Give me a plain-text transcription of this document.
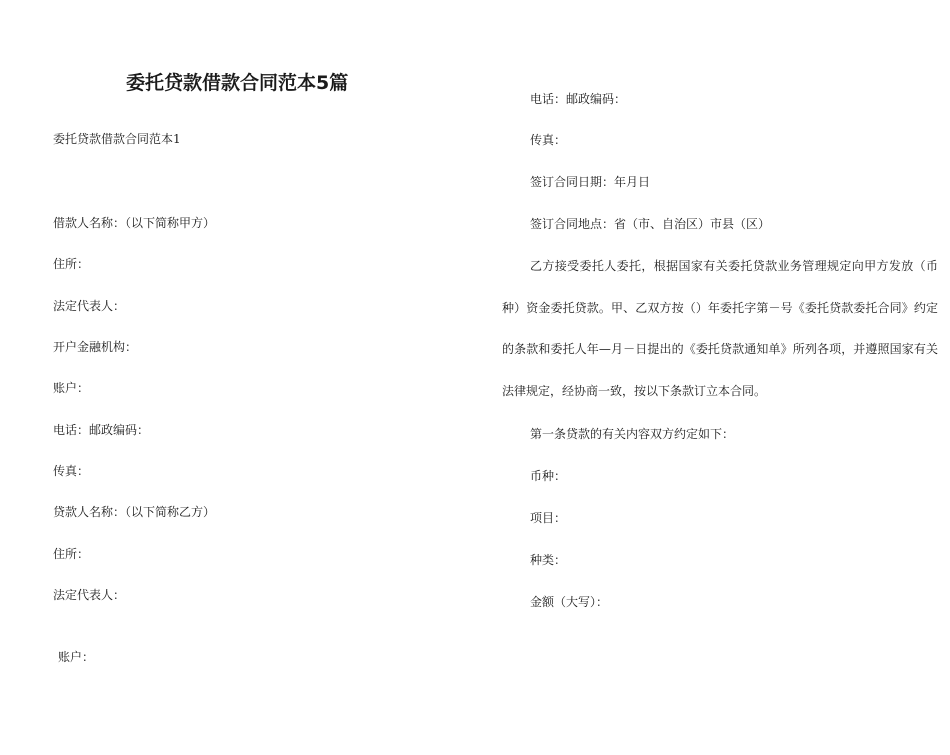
委托贷款借款合同范本5篇
委托贷款借款合同范本1
借款人名称：（以下简称甲方）
住所：
法定代表人：
开户金融机构：
账户：
电话：邮政编码：
传真：
贷款人名称：（以下简称乙方）
住所：
法定代表人：
账户：
电话：邮政编码：
传真：
签订合同日期：年月日
签订合同地点：省（市、自治区）市县（区）
乙方接受委托人委托，根据国家有关委托贷款业务管理规定向甲方发放（币种）资金委托贷款。甲、乙双方按（）年委托字第－号《委托贷款委托合同》约定的条款和委托人年—月－日提出的《委托贷款通知单》所列各项，并遵照国家有关法律规定，经协商一致，按以下条款订立本合同。
第一条贷款的有关内容双方约定如下：
币种：
项目：
种类：
金额（大写）：
